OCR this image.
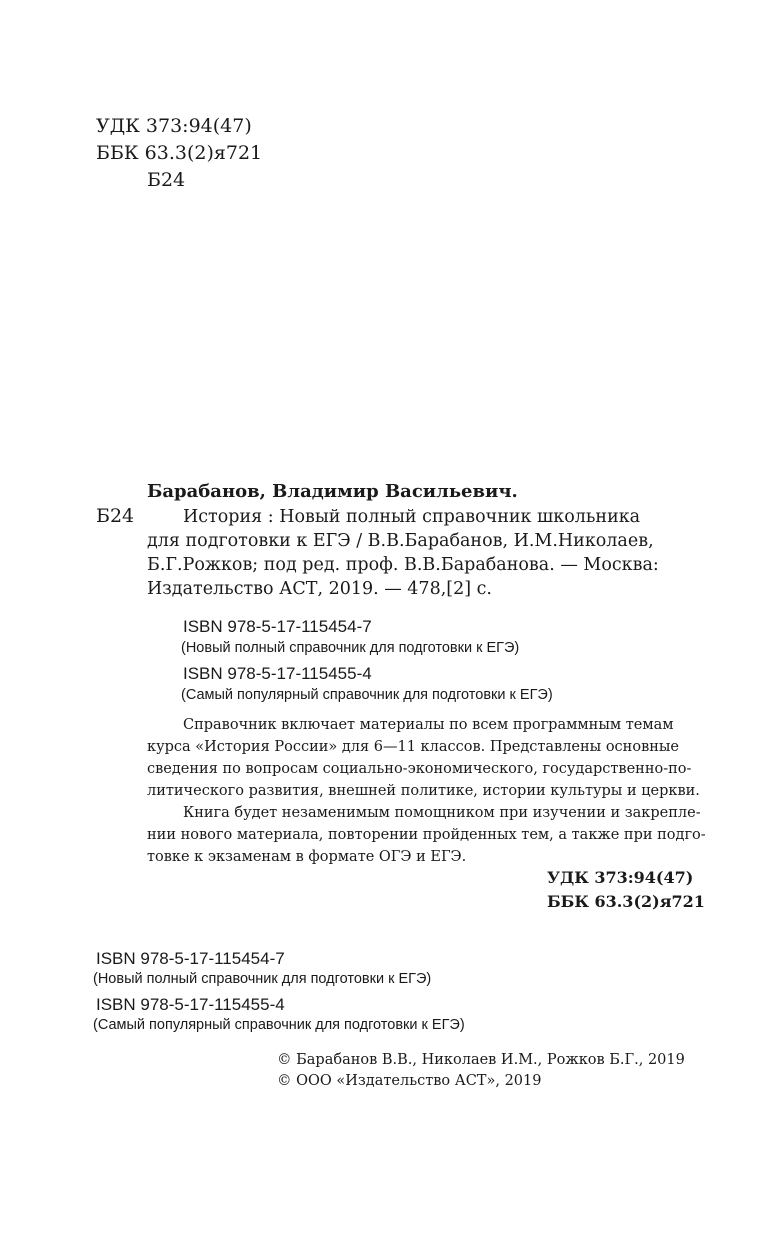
УДК 373:94(47)
ББК 63.3(2)я721
Б24
Барабанов, Владимир Васильевич.
Б24	История : Новый полный справочник школьника
для подготовки к ЕГЭ / В.В.Барабанов, И.М.Николаев,
Б.Г.Рожков; под ред. проф. В.В.Барабанова. — Москва:
Издательство АСТ, 2019. — 478,[2] с.
ISBN 978-5-17-115454-7
(Новый полный справочник для подготовки к ЕГЭ)
ISBN 978-5-17-115455-4
(Самый популярный справочник для подготовки к ЕГЭ)
Справочник включает материалы по всем программным темам
курса «История России» для 6—11 классов. Представлены основные
сведения по вопросам социально-экономического, государственно-по-
литического развития, внешней политике, истории культуры и церкви.
Книга будет незаменимым помощником при изучении и закрепле-
нии нового материала, повторении пройденных тем, а также при подго-
товке к экзаменам в формате ОГЭ и ЕГЭ.
УДК 373:94(47)
ББК 63.3(2)я721
ISBN 978-5-17-115454-7
(Новый полный справочник для подготовки к ЕГЭ)
ISBN 978-5-17-115455-4
(Самый популярный справочник для подготовки к ЕГЭ)
© Барабанов В.В., Николаев И.М., Рожков Б.Г., 2019
© ООО «Издательство АСТ», 2019
